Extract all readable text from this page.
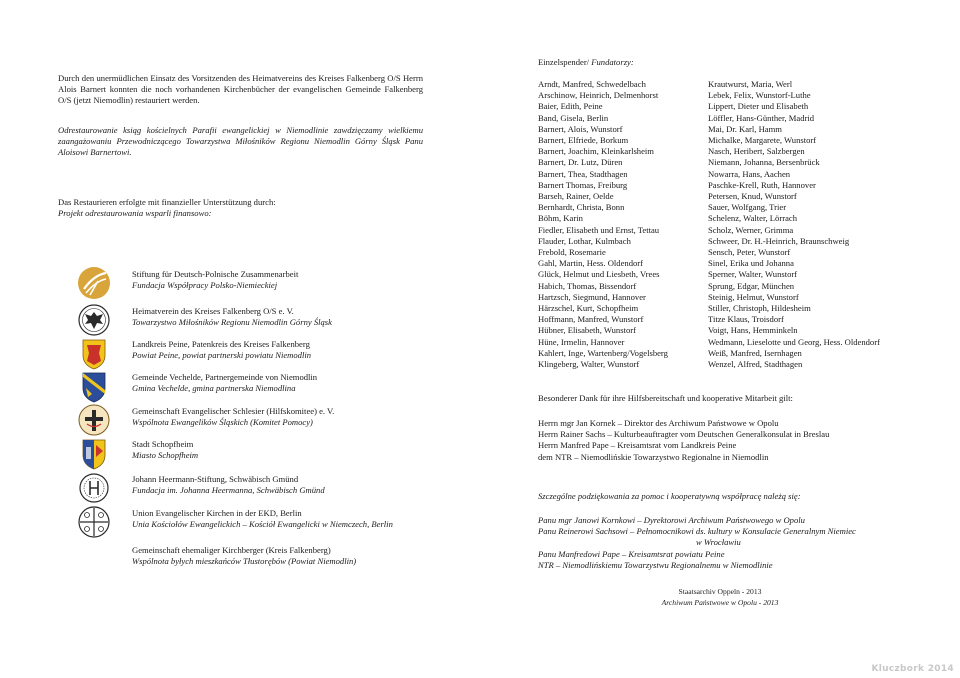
Durch den unermüdlichen Einsatz des Vorsitzenden des Heimatvereins des Kreises Falkenberg O/S Herrn Alois Barnert konnten die noch vorhandenen Kirchenbücher der evangelischen Gemeinde Falkenberg O/S (jetzt Niemodlin) restauriert werden.
Odrestaurowanie ksiąg kościelnych Parafii ewangelickiej w Niemodlinie zawdzięczamy wielkiemu zaangażowaniu Przewodniczącego Towarzystwa Miłośników Regionu Niemodlin Górny Śląsk Panu Aloisowi Barnertowi.
Das Restaurieren erfolgte mit finanzieller Unterstützung durch:
Projekt odrestaurowania wsparli finansowo:
Stiftung für Deutsch-Polnische Zusammenarbeit
Fundacja Współpracy Polsko-Niemieckiej
Heimatverein des Kreises Falkenberg O/S e. V.
Towarzystwo Miłośników Regionu Niemodlin Górny Śląsk
Landkreis Peine, Patenkreis des Kreises Falkenberg
Powiat Peine, powiat partnerski powiatu Niemodlin
Gemeinde Vechelde, Partnergemeinde von Niemodlin
Gmina Vechelde, gmina partnerska Niemodlina
Gemeinschaft Evangelischer Schlesier (Hilfskomitee) e. V.
Wspólnota Ewangelików Śląskich (Komitet Pomocy)
Stadt Schopfheim
Miasto Schopfheim
Johann Heermann-Stiftung, Schwäbisch Gmünd
Fundacja im. Johanna Heermanna, Schwäbisch Gmünd
Union Evangelischer Kirchen in der EKD, Berlin
Unia Kościołów Ewangelickich – Kościół Ewangelicki w Niemczech, Berlin
Gemeinschaft ehemaliger Kirchberger (Kreis Falkenberg)
Wspólnota byłych mieszkańców Tłustorębów (Powiat Niemodlin)
Einzelspender/ Fundatorzy:
Arndt, Manfred, Schwedelbach
Arschinow, Heinrich, Delmenhorst
Baier, Edith, Peine
Band, Gisela, Berlin
Barnert, Alois, Wunstorf
Barnert, Elfriede, Borkum
Barnert, Joachim, Kleinkarlsheim
Barnert, Dr. Lutz, Düren
Barnert, Thea, Stadthagen
Barnert Thomas, Freiburg
Barseh, Rainer, Oelde
Bernhardt, Christa, Bonn
Böhm, Karin
Fiedler, Elisabeth und Ernst, Tettau
Flauder, Lothar, Kulmbach
Frebold, Rosemarie
Gahl, Martin, Hess. Oldendorf
Glück, Helmut und Liesbeth, Vrees
Habich, Thomas, Bissendorf
Hartzsch, Siegmund, Hannover
Härzschel, Kurt, Schopfheim
Hoffmann, Manfred, Wunstorf
Hübner, Elisabeth, Wunstorf
Hüne, Irmelin, Hannover
Kahlert, Inge, Wartenberg/Vogelsberg
Klingeberg, Walter, Wunstorf
Krautwurst, Maria, Werl
Lebek, Felix, Wunstorf-Luthe
Lippert, Dieter und Elisabeth
Löffler, Hans-Günther, Madrid
Mai, Dr. Karl, Hamm
Michalke, Margarete, Wunstorf
Nasch, Heribert, Salzbergen
Niemann, Johanna, Bersenbrück
Nowarra, Hans, Aachen
Paschke-Krell, Ruth, Hannover
Petersen, Knud, Wunstorf
Sauer, Wolfgang, Trier
Schelenz, Walter, Lörrach
Scholz, Werner, Grimma
Schweer, Dr. H.-Heinrich, Braunschweig
Sensch, Peter, Wunstorf
Sinel, Erika und Johanna
Sperner, Walter, Wunstorf
Sprung, Edgar, München
Steinig, Helmut, Wunstorf
Stiller, Christoph, Hildesheim
Titze Klaus, Troisdorf
Voigt, Hans, Hemminkeln
Wedmann, Lieselotte und Georg, Hess. Oldendorf
Weiß, Manfred, Isernhagen
Wenzel, Alfred, Stadthagen
Besonderer Dank für ihre Hilfsbereitschaft und kooperative Mitarbeit gilt:
Herrn mgr Jan Kornek – Direktor des Archiwum Państwowe w Opolu
Herrn Rainer Sachs – Kulturbeauftragter vom Deutschen Generalkonsulat in Breslau
Herrn Manfred Pape – Kreisamtsrat vom Landkreis Peine
dem NTR – Niemodlińskie Towarzystwo Regionalne in Niemodlin
Szczególne podziękowania za pomoc i kooperatywną współpracę należą się:
Panu mgr Janowi Kornkowi – Dyrektorowi Archiwum Państwowego w Opolu
Panu Reinerowi Sachsowi – Pełnomocnikowi ds. kultury w Konsulacie Generalnym Niemiec
w Wrocławiu
Panu Manfredowi Pape – Kreisamtsrat powiatu Peine
NTR – Niemodlińskiemu Towarzystwu Regionalnemu w Niemodlinie
Staatsarchiv Oppeln - 2013
Archiwum Państwowe w Opolu - 2013
Kluczbork 2014
